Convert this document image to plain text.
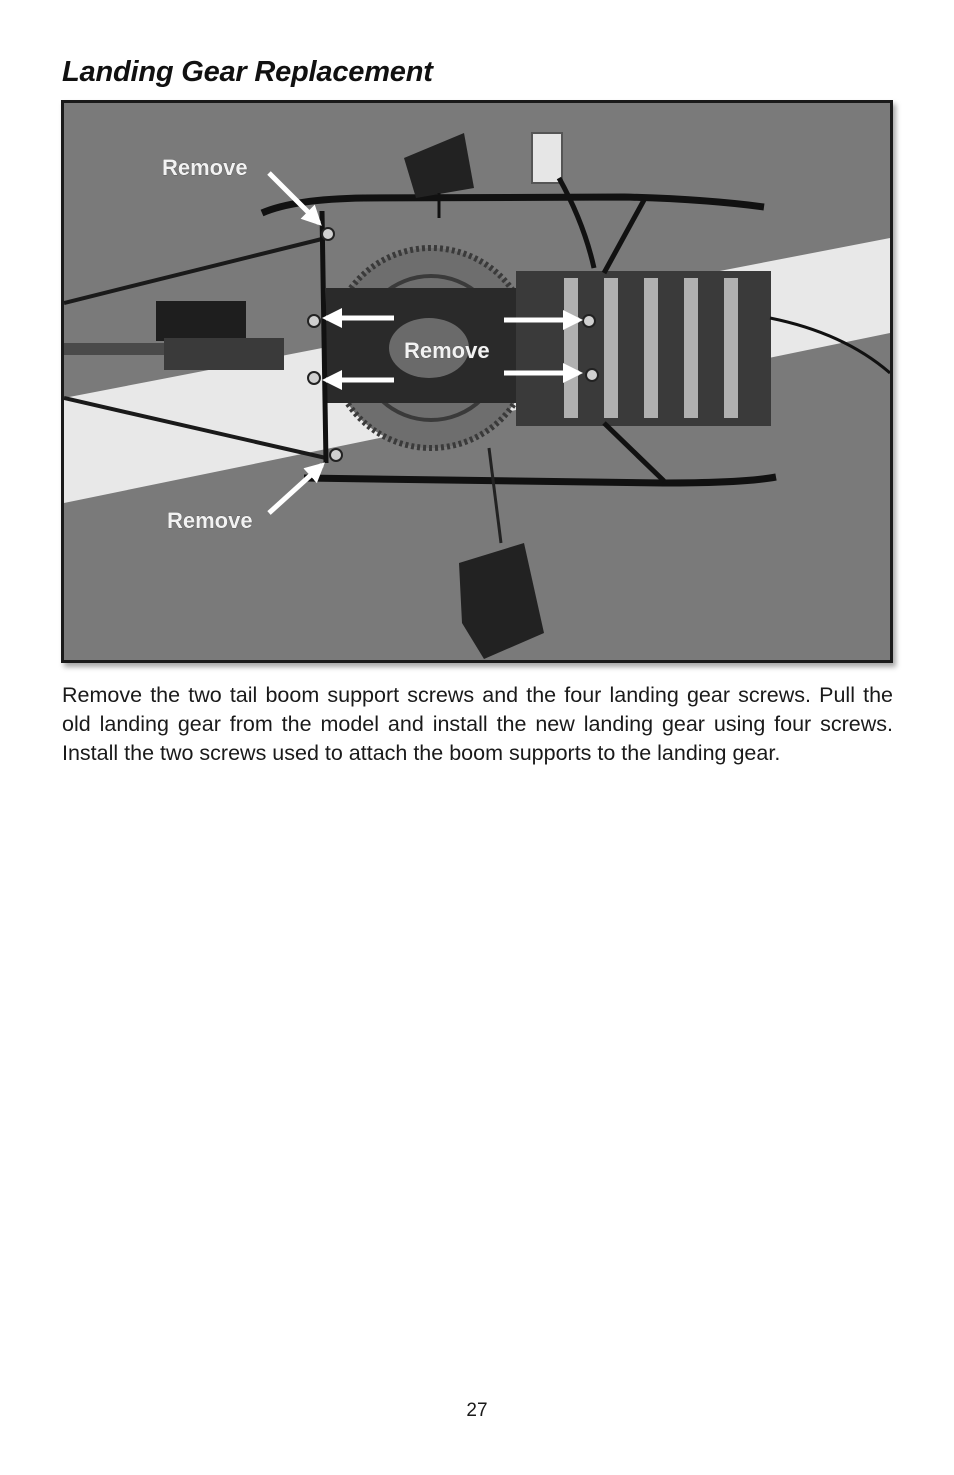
Landing Gear Replacement
Remove
Remove
Remove

Remove the two tail boom support screws and the four landing gear screws. Pull the old landing gear from the model and install the new landing gear using four screws. Install the two screws used to attach the boom supports to the landing gear.

27
